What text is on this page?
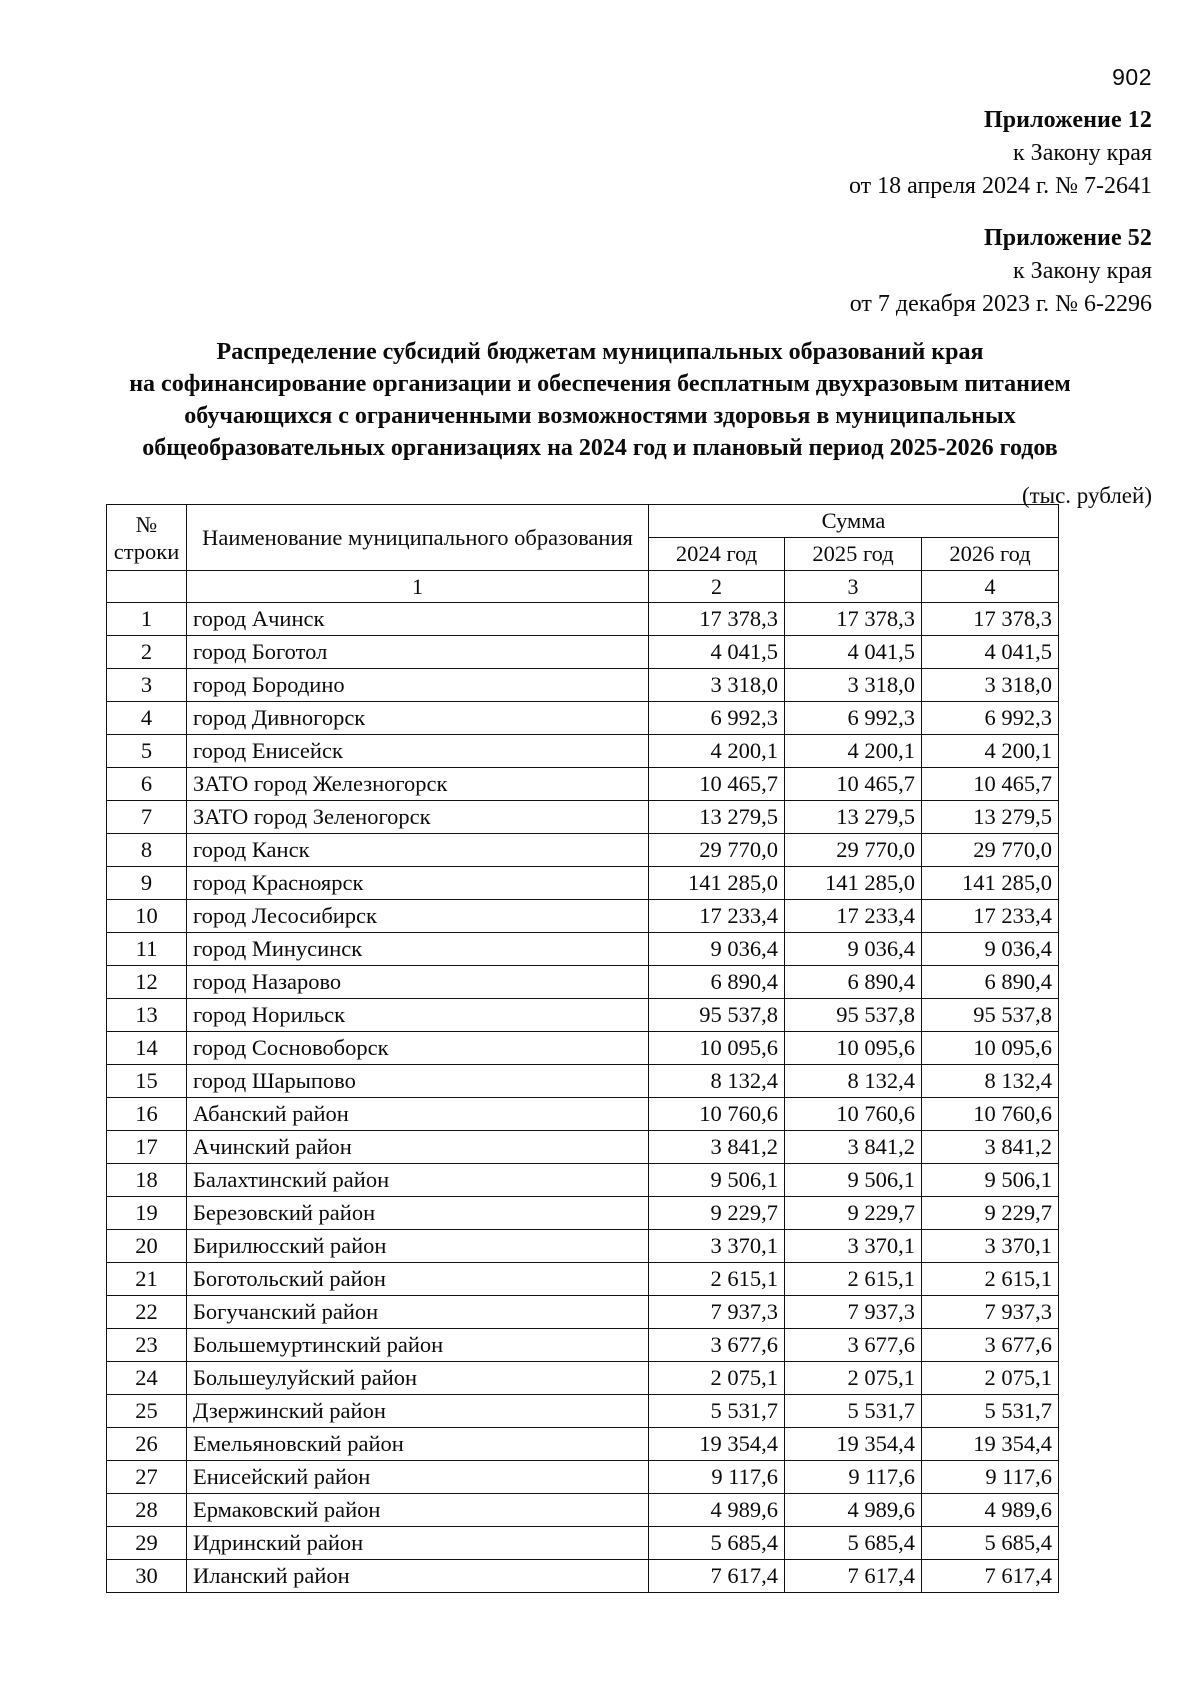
902
Приложение 12
к Закону края
от 18 апреля 2024 г. № 7-2641
Приложение 52
к Закону края
от 7 декабря 2023 г. № 6-2296
Распределение субсидий бюджетам муниципальных образований края
на софинансирование организации и обеспечения бесплатным двухразовым питанием
обучающихся с ограниченными возможностями здоровья в муниципальных
общеобразовательных организациях на 2024 год и плановый период 2025-2026 годов
(тыс. рублей)
№
строки	Наименование муниципального образования	Сумма		
		2024 год	2025 год	2026 год
	1	2	3	4
1	город Ачинск	17 378,3	17 378,3	17 378,3
2	город Боготол	4 041,5	4 041,5	4 041,5
3	город Бородино	3 318,0	3 318,0	3 318,0
4	город Дивногорск	6 992,3	6 992,3	6 992,3
5	город Енисейск	4 200,1	4 200,1	4 200,1
6	ЗАТО город Железногорск	10 465,7	10 465,7	10 465,7
7	ЗАТО город Зеленогорск	13 279,5	13 279,5	13 279,5
8	город Канск	29 770,0	29 770,0	29 770,0
9	город Красноярск	141 285,0	141 285,0	141 285,0
10	город Лесосибирск	17 233,4	17 233,4	17 233,4
11	город Минусинск	9 036,4	9 036,4	9 036,4
12	город Назарово	6 890,4	6 890,4	6 890,4
13	город Норильск	95 537,8	95 537,8	95 537,8
14	город Сосновоборск	10 095,6	10 095,6	10 095,6
15	город Шарыпово	8 132,4	8 132,4	8 132,4
16	Абанский район	10 760,6	10 760,6	10 760,6
17	Ачинский район	3 841,2	3 841,2	3 841,2
18	Балахтинский район	9 506,1	9 506,1	9 506,1
19	Березовский район	9 229,7	9 229,7	9 229,7
20	Бирилюсский район	3 370,1	3 370,1	3 370,1
21	Боготольский район	2 615,1	2 615,1	2 615,1
22	Богучанский район	7 937,3	7 937,3	7 937,3
23	Большемуртинский район	3 677,6	3 677,6	3 677,6
24	Большеулуйский район	2 075,1	2 075,1	2 075,1
25	Дзержинский район	5 531,7	5 531,7	5 531,7
26	Емельяновский район	19 354,4	19 354,4	19 354,4
27	Енисейский район	9 117,6	9 117,6	9 117,6
28	Ермаковский район	4 989,6	4 989,6	4 989,6
29	Идринский район	5 685,4	5 685,4	5 685,4
30	Иланский район	7 617,4	7 617,4	7 617,4
